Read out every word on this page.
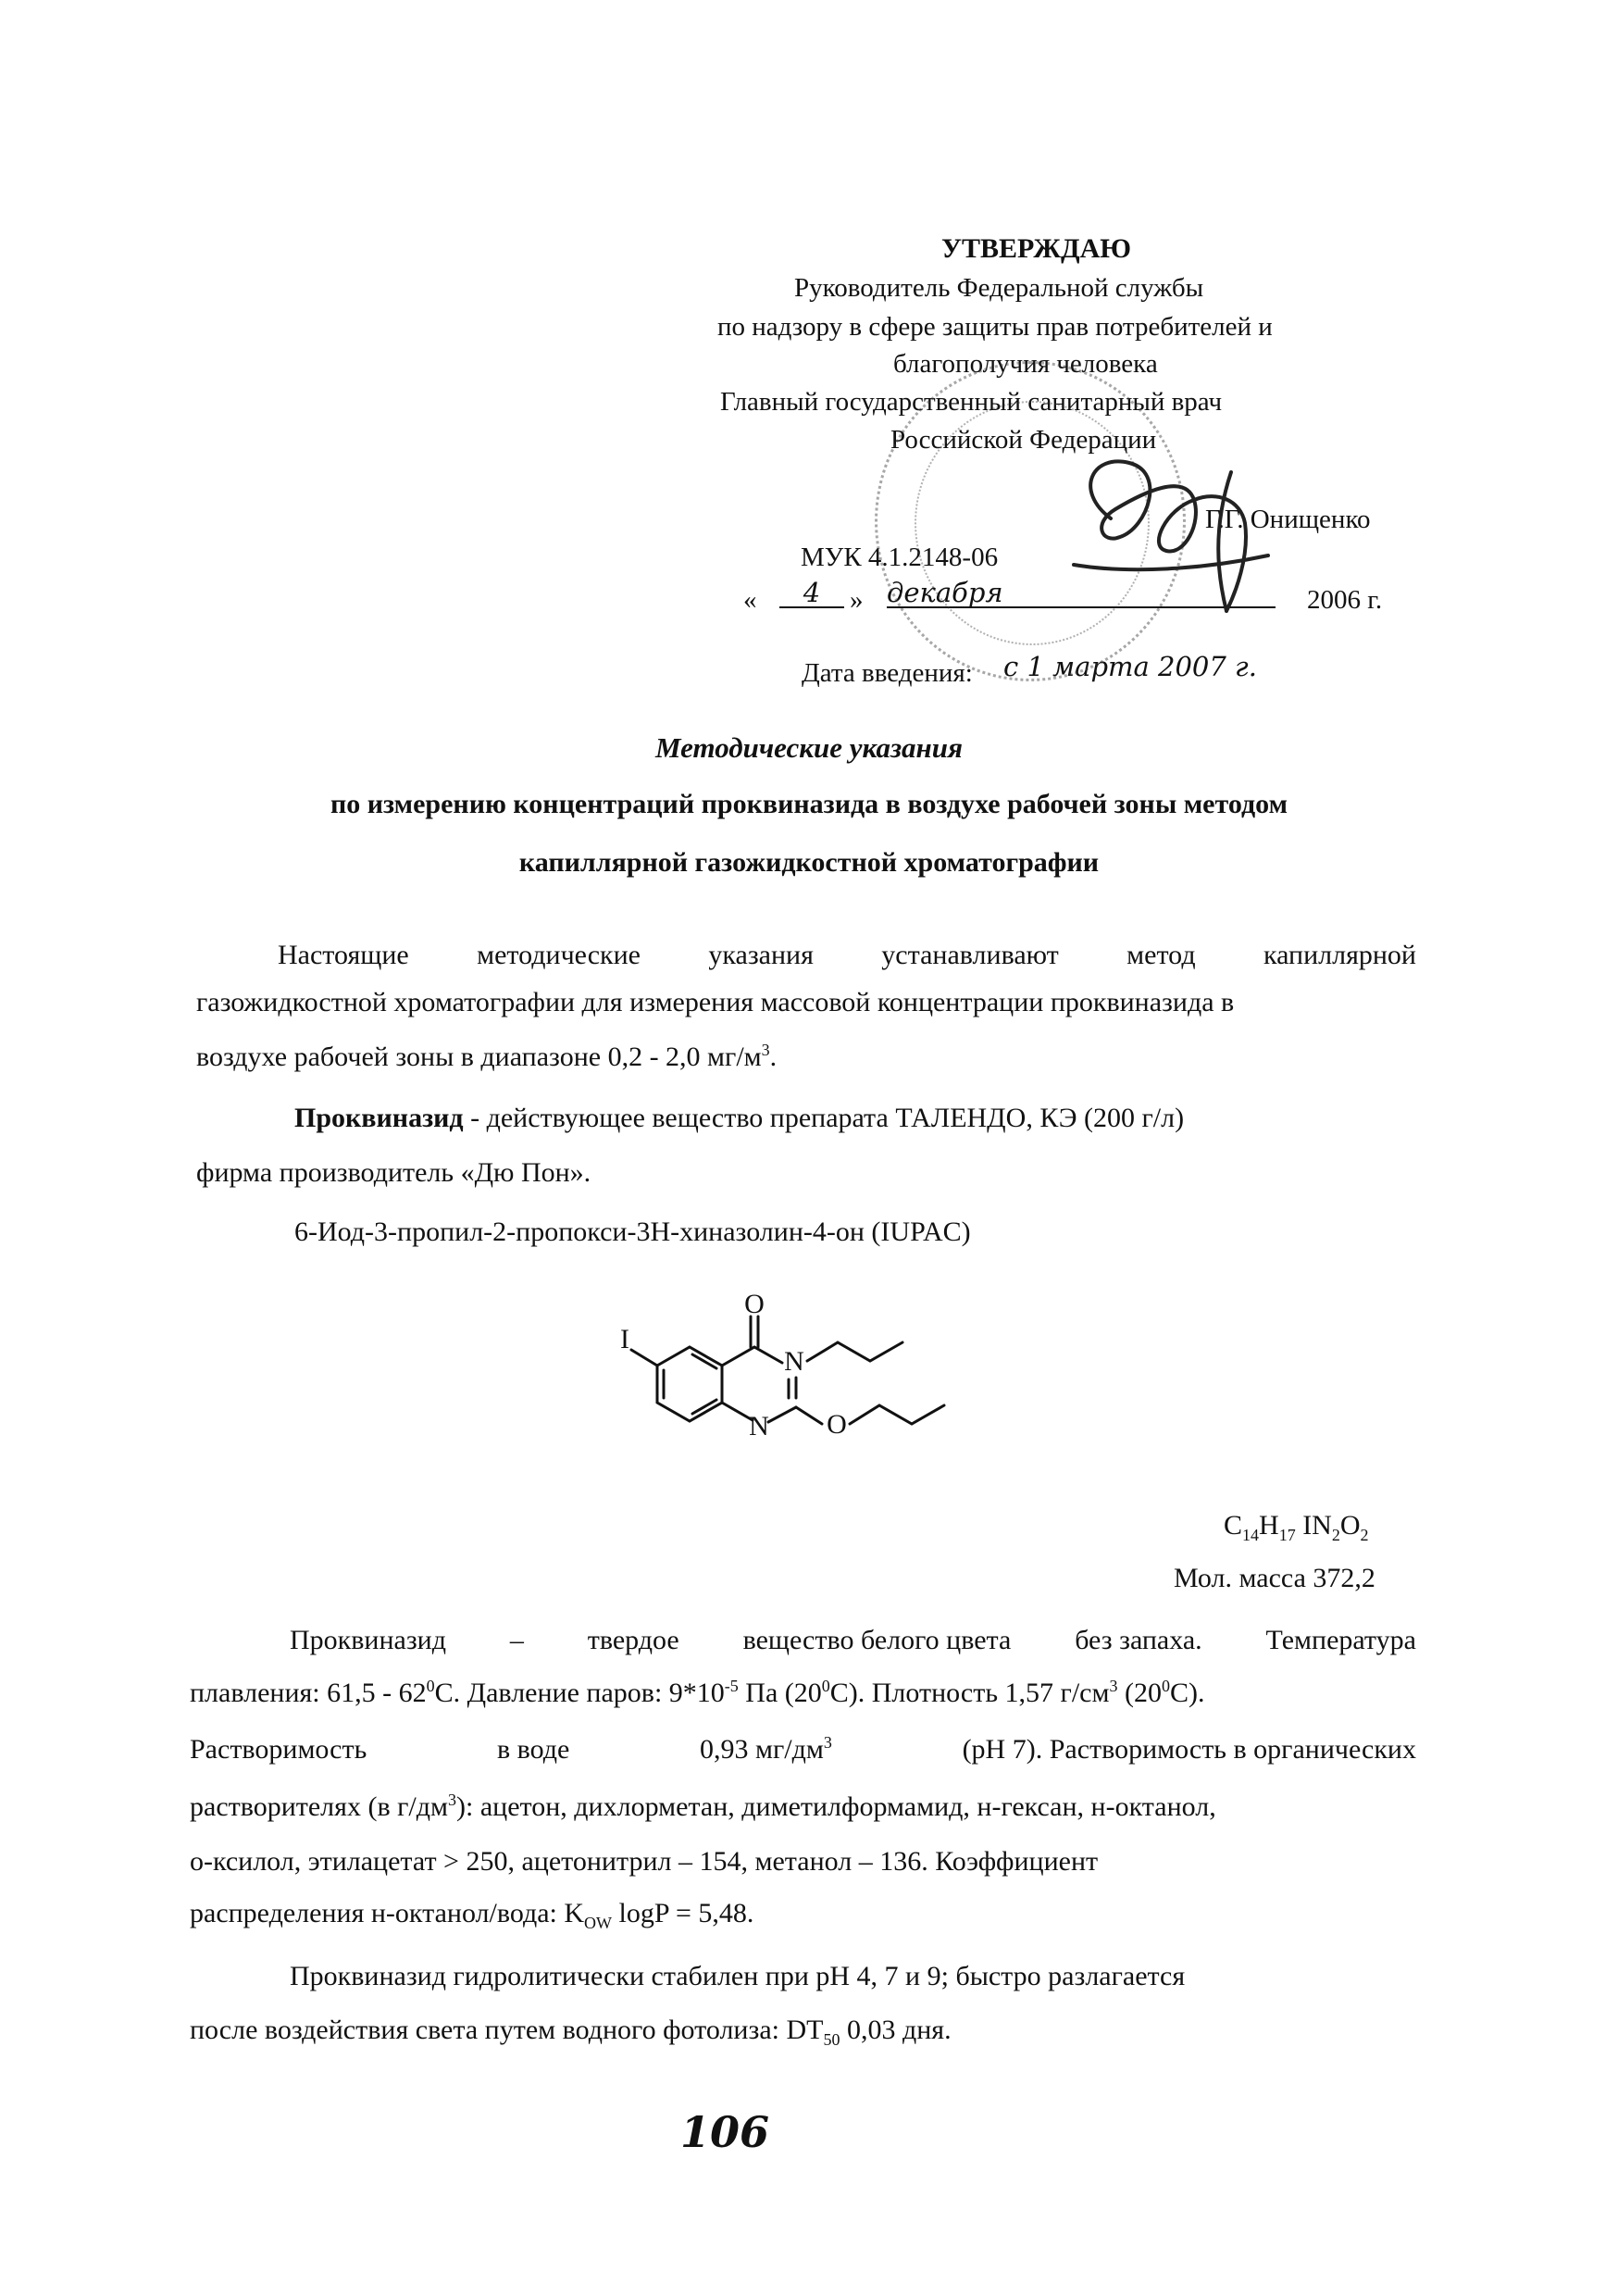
УТВЕРЖДАЮ
Руководитель Федеральной службы
по надзору в сфере защиты прав потребителей и
благополучия человека
Главный государственный санитарный врач
Российской Федерации
Г.Г. Онищенко
МУК 4.1.2148-06
«	4	» декабря	2006 г.
Дата введения: с 1 марта 2007 г.
Методические указания
по измерению концентраций проквиназида в воздухе рабочей зоны методом
капиллярной газожидкостной хроматографии
Настоящие методические указания устанавливают метод капиллярной
газожидкостной хроматографии для измерения массовой концентрации проквиназида в
воздухе рабочей зоны в диапазоне 0,2 - 2,0 $мг/м^3$.
Проквиназид - действующее вещество препарата ТАЛЕНДО, КЭ (200 г/л)
фирма производитель «Дю Пон».
6-Иод-3-пропил-2-пропокси-3Н-хиназолин-4-он (IUPAC)
O
I
N
N O
$C_{14}H_{17}$ $IN_2O_2$
Мол. масса 372,2
Проквиназид – твердое вещество белого цвета без запаха. Температура
плавления: $61,5 - 62^0С$. Давление паров: $9*10^{-5}$ Па $(20^0С)$. Плотность 1,57 $г/см^3$ $(20^0С)$.
Растворимость	в воде	0,93 $мг/дм^3$	(pH 7). Растворимость в органических
растворителях (в $г/дм^3$): ацетон, дихлорметан, диметилформамид, н-гексан, н-октанол,
о-ксилол, этилацетат > 250, ацетонитрил – 154, метанол – 136. Коэффициент
распределения н-октанол/вода: $K_{OW}$ logP = 5,48.
Проквиназид гидролитически стабилен при pH 4, 7 и 9; быстро разлагается
после воздействия света путем водного фотолиза: $DT_{50}$ 0,03 дня.
106
